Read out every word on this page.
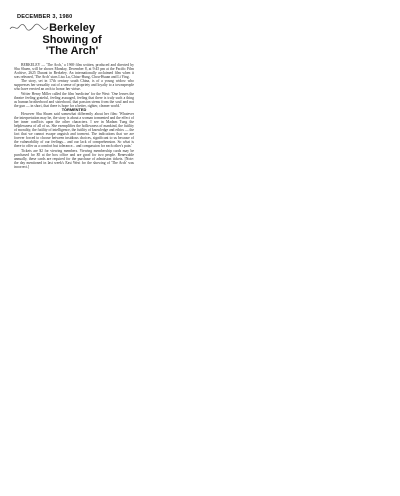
DECEMBER 3, 1980
Berkeley
Showing of
'The Arch'

BERKELEY — 'The Arch,' a 1969 film written, produced and directed by Shu Shuen, will be shown Monday, December 8, at 9:45 pm at the Pacific Film Archive, 2625 Durant in Berkeley. An internationally acclaimed film when it was released, 'The Arch' stars Lisa Lu, Chiao-Hung, Chou-Hsuan and Li Ying.

The story, set in 17th century south China, is of a young widow who suppresses her sexuality out of a sense of propriety and loyalty to a townspeople who have erected an arch to honor her virtue.

Writer Henry Miller called the film 'medicine' for the West: 'One leaves the theatre feeling grateful, feeling assuaged, feeling that there is truly such a thing as human brotherhood and sisterhood, that passion stems from the soul and not the gun — in short, that there is hope for a better, righter, cleaner world.'

TORMENTED

However Shu Shuen said somewhat differently about her film: 'Whatever the interpretation may be, the story is about a woman tormented and the effect of her inner conflicts upon the other characters. I see in Madam Tung the helplessness of all of us. She exemplifies the hollowness of mankind, the futility of morality, the futility of intelligence, the futility of knowledge and ethics — the fact that we cannot escape anguish and torment. The indications that we are forever forced to choose between insidious choices, significant to us because of the vulnerability of our feelings... and our lack of comprehension. So what is there to offer as a comfort but tolerance... and compassion for each other's pain.'

Tickets are $2 for viewing members. Viewing membership cards may be purchased for $5 at the box office and are good for two people. Renewable annually, these cards are required for the purchase of admission tickets. [Note: the day mentioned in last week's East West for the showing of 'The Arch' was incorrect.]
